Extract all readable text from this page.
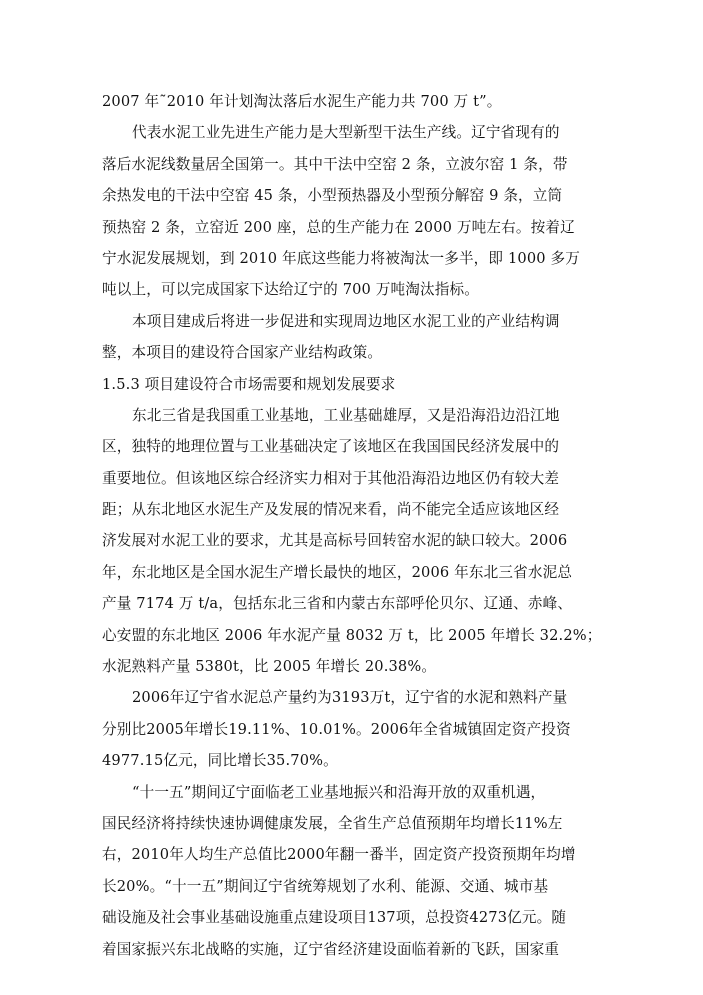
2007 年˜2010 年计划淘汰落后水泥生产能力共 700 万 t”。
代表水泥工业先进生产能力是大型新型干法生产线。辽宁省现有的
落后水泥线数量居全国第一。其中干法中空窑 2 条，立波尔窑 1 条，带
余热发电的干法中空窑 45 条，小型预热器及小型预分解窑 9 条，立筒
预热窑 2 条，立窑近 200 座，总的生产能力在 2000 万吨左右。按着辽
宁水泥发展规划，到 2010 年底这些能力将被淘汰一多半，即 1000 多万
吨以上，可以完成国家下达给辽宁的 700 万吨淘汰指标。
本项目建成后将进一步促进和实现周边地区水泥工业的产业结构调
整，本项目的建设符合国家产业结构政策。
1.5.3 项目建设符合市场需要和规划发展要求
东北三省是我国重工业基地，工业基础雄厚，又是沿海沿边沿江地
区，独特的地理位置与工业基础决定了该地区在我国国民经济发展中的
重要地位。但该地区综合经济实力相对于其他沿海沿边地区仍有较大差
距；从东北地区水泥生产及发展的情况来看，尚不能完全适应该地区经
济发展对水泥工业的要求，尤其是高标号回转窑水泥的缺口较大。2006
年，东北地区是全国水泥生产增长最快的地区，2006 年东北三省水泥总
产量 7174 万 t/a，包括东北三省和内蒙古东部呼伦贝尔、辽通、赤峰、
心安盟的东北地区 2006 年水泥产量 8032 万 t，比 2005 年增长 32.2%；
水泥熟料产量 5380t，比 2005 年增长 20.38%。
2006年辽宁省水泥总产量约为3193万t，辽宁省的水泥和熟料产量
分别比2005年增长19.11%、10.01%。2006年全省城镇固定资产投资
4977.15亿元，同比增长35.70%。
“十一五”期间辽宁面临老工业基地振兴和沿海开放的双重机遇，
国民经济将持续快速协调健康发展，全省生产总值预期年均增长11%左
右，2010年人均生产总值比2000年翻一番半，固定资产投资预期年均增
长20%。“十一五”期间辽宁省统筹规划了水利、能源、交通、城市基
础设施及社会事业基础设施重点建设项目137项，总投资4273亿元。随
着国家振兴东北战略的实施，辽宁省经济建设面临着新的飞跃，国家重
